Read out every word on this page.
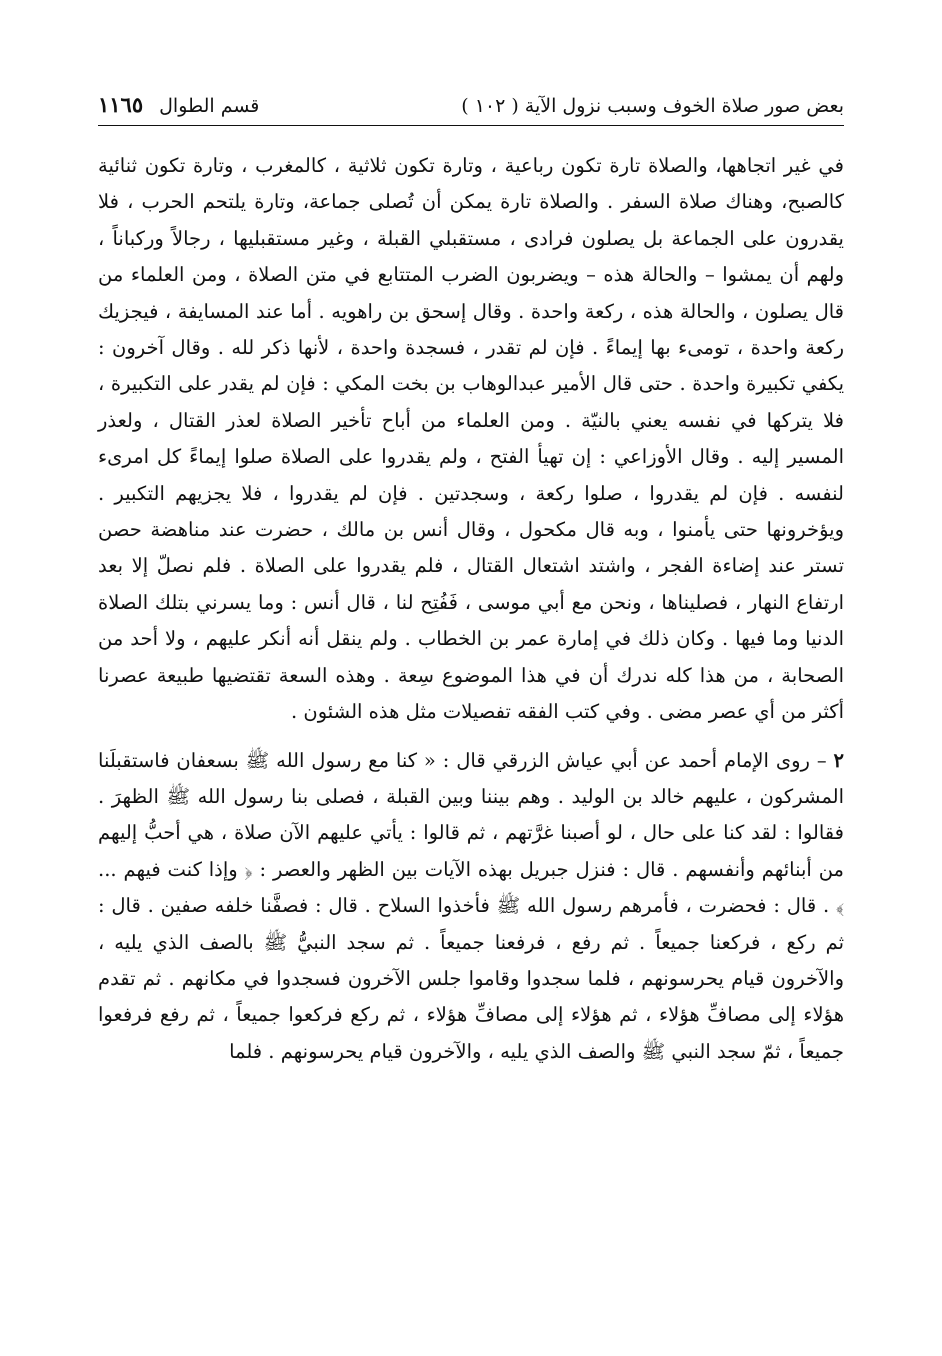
بعض صور صلاة الخوف وسبب نزول الآية ( ١٠٢ )
قسم الطوال
١١٦٥

في غير اتجاهها، والصلاة تارة تكون رباعية ، وتارة تكون ثلاثية ، كالمغرب ، وتارة تكون ثنائية كالصبح، وهناك صلاة السفر . والصلاة تارة يمكن أن تُصلى جماعة، وتارة يلتحم الحرب ، فلا يقدرون على الجماعة بل يصلون فرادى ، مستقبلي القبلة ، وغير مستقبليها ، رجالاً وركباناً ، ولهم أن يمشوا – والحالة هذه – ويضربون الضرب المتتابع في متن الصلاة ، ومن العلماء من قال يصلون ، والحالة هذه ، ركعة واحدة . وقال إسحق بن راهويه . أما عند المسايفة ، فيجزيك ركعة واحدة ، تومىء بها إيماءً . فإن لم تقدر ، فسجدة واحدة ، لأنها ذكر لله . وقال آخرون : يكفي تكبيرة واحدة . حتى قال الأمير عبدالوهاب بن بخت المكي : فإن لم يقدر على التكبيرة ، فلا يتركها في نفسه يعني بالنيّة . ومن العلماء من أباح تأخير الصلاة لعذر القتال ، ولعذر المسير إليه . وقال الأوزاعي : إن تهيأ الفتح ، ولم يقدروا على الصلاة صلوا إيماءً كل امرىء لنفسه . فإن لم يقدروا ، صلوا ركعة ، وسجدتين . فإن لم يقدروا ، فلا يجزيهم التكبير . ويؤخرونها حتى يأمنوا ، وبه قال مكحول ، وقال أنس بن مالك ، حضرت عند مناهضة حصن تستر عند إضاءة الفجر ، واشتد اشتعال القتال ، فلم يقدروا على الصلاة . فلم نصلّ إلا بعد ارتفاع النهار ، فصليناها ، ونحن مع أبي موسى ، فَفُتِح لنا ، قال أنس : وما يسرني بتلك الصلاة الدنيا وما فيها . وكان ذلك في إمارة عمر بن الخطاب . ولم ينقل أنه أنكر عليهم ، ولا أحد من الصحابة ، من هذا كله ندرك أن في هذا الموضوع سِعة . وهذه السعة تقتضيها طبيعة عصرنا أكثر من أي عصر مضى . وفي كتب الفقه تفصيلات مثل هذه الشئون .

٢ – روى الإمام أحمد عن أبي عياش الزرقي قال : « كنا مع رسول الله ﷺ بسعفان فاستقبلَنا المشركون ، عليهم خالد بن الوليد . وهم بيننا وبين القبلة ، فصلى بنا رسول الله ﷺ الظهرَ . فقالوا : لقد كنا على حال ، لو أصبنا غرَّتهم ، ثم قالوا : يأتي عليهم الآن صلاة ، هي أحبُّ إليهم من أبنائهم وأنفسهم . قال : فنزل جبريل بهذه الآيات بين الظهر والعصر : ﴿ وإذا كنت فيهم ... ﴾ . قال : فحضرت ، فأمرهم رسول الله ﷺ فأخذوا السلاح . قال : فصفَّنا خلفه صفين . قال : ثم ركع ، فركعنا جميعاً . ثم رفع ، فرفعنا جميعاً . ثم سجد النبيُّ ﷺ بالصف الذي يليه ، والآخرون قيام يحرسونهم ، فلما سجدوا وقاموا جلس الآخرون فسجدوا في مكانهم . ثم تقدم هؤلاء إلى مصافِّ هؤلاء ، ثم هؤلاء إلى مصافِّ هؤلاء ، ثم ركع فركعوا جميعاً ، ثم رفع فرفعوا جميعاً ، ثمّ سجد النبي ﷺ والصف الذي يليه ، والآخرون قيام يحرسونهم . فلما
